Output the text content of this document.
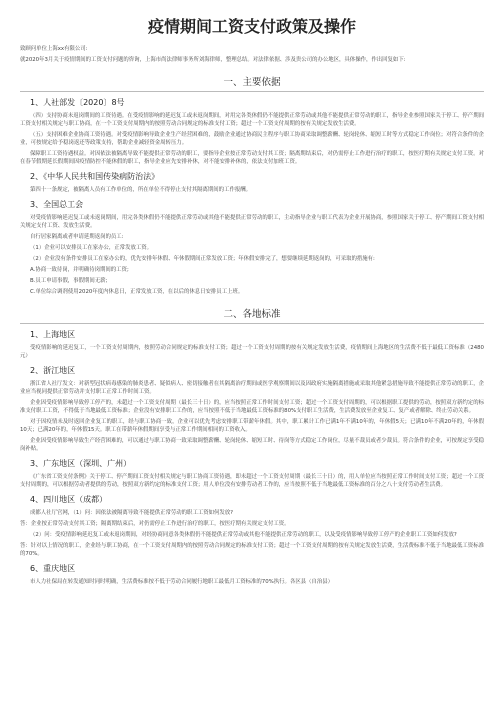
疫情期间工资支付政策及操作

致顾问单位上海xx有限公司:

就2020年3月关于疫情期间的工资支付问题的咨询，上海市尚法律师事务所刘海律师，整理总结。对法律依据、涉及贵公司的办公地区，具体操作，作出回复如下:

一、主要依据
1、人社部发〔2020〕8号

（四）支持协商未返岗期间的工资待遇。在受疫情影响的延迟复工或未返岗期间，对用完各类休假仍不能提供正常劳动或其他不能提供正常劳动的职工，指导企业参照国家关于停工、停产期间工资支付相关规定与职工协商，在一个工资支付周期内的按照劳动合同规定的标准支付工资；超过一个工资支付周期的按有关规定发放生活费。

（五）支持困难企业协商工资待遇。对受疫情影响导致企业生产经营困难的，鼓励企业通过协商民主程序与职工协商采取调整薪酬、轮岗轮休、缩短工时等方式稳定工作岗位；对符合条件的企业，可按规定给予稳岗返还等政策支持，帮助企业减轻资金周转压力。

保障职工工资待遇权益。对因依法被隔离导致不能提供正常劳动的职工，要指导企业按正常劳动支付其工资；隔离期结束后，对仍需停止工作进行治疗的职工，按医疗期有关规定支付工资。对在春节假期延长假期间因疫情防控不能休假的职工，指导企业应先安排补休，对不能安排补休的，依法支付加班工资。

2、《中华人民共和国传染病防治法》

第四十一条规定，被隔离人员有工作单位的，所在单位不得停止支付其隔离期间的工作报酬。

3、全国总工会

对受疫情影响延迟复工或未返岗期间，用完各类休假仍不能提供正常劳动或其他不能提供正常劳动的职工，主动指导企业与职工代表为企业开展协商，参照国家关于停工、停产期间工资支付相关规定支付工资、发放生活费。

自行居家隔离或者申请延期返岗的员工:

（1）企业可以安排员工在家办公，正常发放工资。

（2）企业没有条件安排员工在家办公的，优先安排年休假、年休假期间正常发放工资；年休假安排完了，想要继续延期返岗的，可采取的措施有:

A.协商一致待岗，并明确待岗期间的工资;

B.员工申请事假，事假期间无薪;

C.单位综合调剂使用2020年度内休息日，正常发放工资，在以后的休息日安排员工上班。

二、各地标准
1、上海地区

受疫情影响的延迟复工，一个工资支付周期内，按照劳动合同规定的标准支付工资；超过一个工资支付周期的按有关规定发放生活费，疫情期间上海地区的生活费不低于最低工资标准（2480元）

2、浙江地区

浙江省人社厅发文：对新型冠状病毒感染的肺炎患者、疑似病人、密切接触者在其隔离治疗期间或医学观察期间以及因政府实施隔离措施或采取其他紧急措施导致不能提供正常劳动的职工，企业应当视同提供正常劳动并支付职工正常工作时间工资。

企业因受疫情影响导致停工停产的，未超过一个工资支付周期（最长三十日）的，应当按照正常工作时间支付工资；超过一个工资支付周期的，可以根据职工提供的劳动，按照双方新约定的标准支付职工工资，不得低于当地最低工资标准；企业没有安排职工工作的，应当按照不低于当地最低工资标准的80%支付职工生活费，生活费发放至企业复工、复产或者解除、终止劳动关系。

对于因疫情未及时返回企业复工的职工，经与职工协商一致，企业可以优先考虑安排职工带薪年休假。其中，职工累计工作已满1年不满10年的，年休假5天；已满10年不满20年的，年休假10天；已满20年的，年休假15天。职工在带薪年休假期间享受与正常工作期间相同的工资收入。

企业因受疫情影响导致生产经营困难的，可以通过与职工协商一致采取调整薪酬、轮岗轮休、缩短工时、待岗等方式稳定工作岗位，尽量不裁员或者少裁员。符合条件的企业，可按规定享受稳岗补贴。

3、广东地区（深圳、广州）

《广东省工资支付条例》关于停工、停产期间工资支付相关规定与职工协商工资待遇，即未超过一个工资支付周期（最长三十日）的，用人单位应当按照正常工作时间支付工资；超过一个工资支付周期的，可以根据劳动者提供的劳动，按照双方新约定的标准支付工资；用人单位没有安排劳动者工作的，应当按照不低于当地最低工资标准的百分之八十支付劳动者生活费。

4、四川地区（成都）

成都人社厅官网，（1）问：因依法被隔离导致不能提供正常劳动的职工工资如何发放?

答：企业按正常劳动支付其工资；隔离期结束后，对仍需停止工作进行治疗的职工，按医疗期有关规定支付工资。

（2）问：受疫情影响延迟复工或未返岗期间，对经协商同意各类休假仍不能提供正常劳动或其他不能提供正常劳动的职工，以及受疫情影响导致停工停产的企业职工工资如何发放?

答：针对以上情况的职工，企业经与职工协商，在一个工资支付周期内的按照劳动合同规定的标准支付工资；超过一个工资支付周期的按有关规定发放生活费，生活费标准不低于当地最低工资标准的70%。

6、重庆地区

市人力社保局在转发通知时同时明确，生活费标准按不低于劳动合同履行地职工最低月工资标准的70%执行。各区县（自治县）
